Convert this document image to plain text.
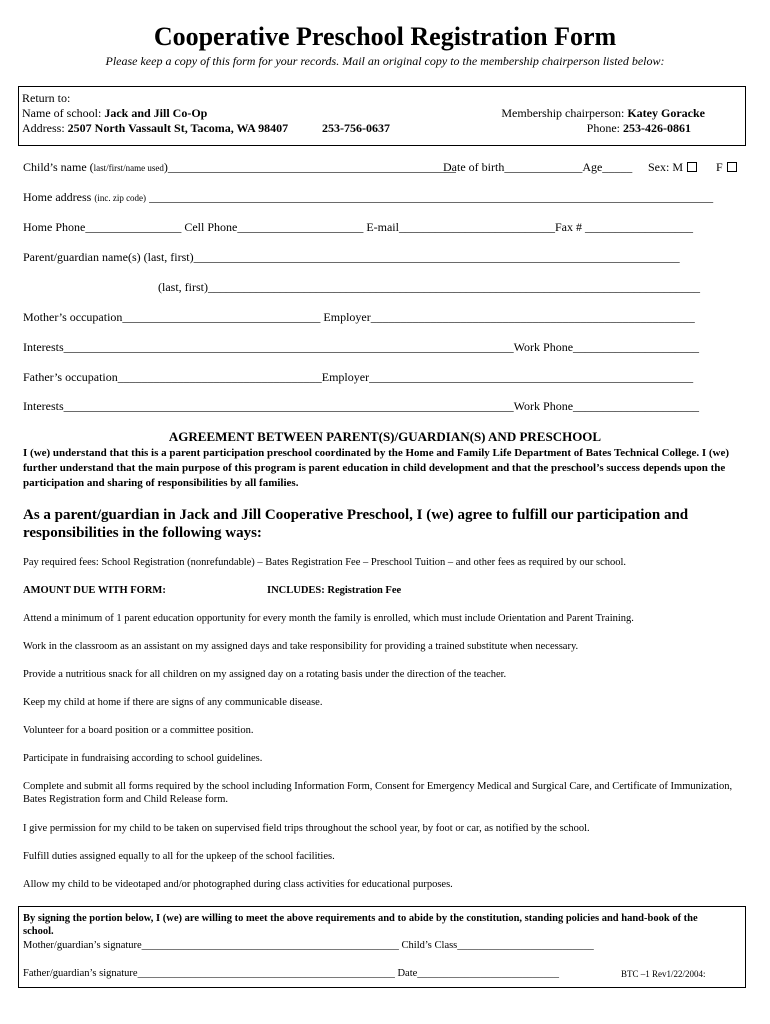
Cooperative Preschool Registration Form
Please keep a copy of this form for your records. Mail an original copy to the membership chairperson listed below:
Return to:
Name of school: Jack and Jill Co-Op
Address: 2507 North Vassault St, Tacoma, WA 98407	253-756-0637
Membership chairperson: Katey Goracke
Phone: 253-426-0861
Child’s name (last/first/name used)________________________________________________
Date of birth_____________Age_____ Sex: M	F
Home address (inc. zip code) ______________________________________________________________________________________________
Home Phone________________ Cell Phone_____________________ E-mail__________________________Fax # __________________
Parent/guardian name(s) (last, first)_________________________________________________________________________________
(last, first)__________________________________________________________________________________
Mother’s occupation_________________________________ Employer______________________________________________________
Interests___________________________________________________________________________Work Phone_____________________
Father’s occupation__________________________________Employer______________________________________________________
Interests___________________________________________________________________________Work Phone_____________________
AGREEMENT BETWEEN PARENT(S)/GUARDIAN(S) AND PRESCHOOL
I (we) understand that this is a parent participation preschool coordinated by the Home and Family Life Department of Bates Technical College. I (we) further understand that the main purpose of this program is parent education in child development and that the preschool’s success depends upon the participation and sharing of responsibilities by all families.
As a parent/guardian in Jack and Jill Cooperative Preschool, I (we) agree to fulfill our participation and responsibilities in the following ways:
Pay required fees: School Registration (nonrefundable) – Bates Registration Fee – Preschool Tuition – and other fees as required by our school.
AMOUNT DUE WITH FORM:	INCLUDES: Registration Fee
Attend a minimum of 1 parent education opportunity for every month the family is enrolled, which must include Orientation and Parent Training.
Work in the classroom as an assistant on my assigned days and take responsibility for providing a trained substitute when necessary.
Provide a nutritious snack for all children on my assigned day on a rotating basis under the direction of the teacher.
Keep my child at home if there are signs of any communicable disease.
Volunteer for a board position or a committee position.
Participate in fundraising according to school guidelines.
Complete and submit all forms required by the school including Information Form, Consent for Emergency Medical and Surgical Care, and Certificate of Immunization, Bates Registration form and Child Release form.
I give permission for my child to be taken on supervised field trips throughout the school year, by foot or car, as notified by the school.
Fulfill duties assigned equally to all for the upkeep of the school facilities.
Allow my child to be videotaped and/or photographed during class activities for educational purposes.
By signing the portion below, I (we) are willing to meet the above requirements and to abide by the constitution, standing policies and hand-book of the school.
Mother/guardian’s signature_________________________________________________ Child’s Class__________________________
Father/guardian’s signature_________________________________________________ Date___________________________	BTC –1 Rev1/22/2004:
